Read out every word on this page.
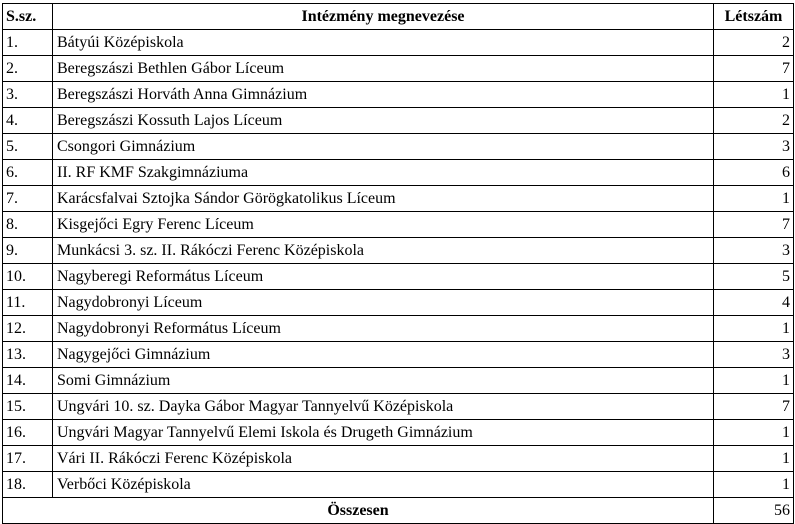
S.sz.	Intézmény megnevezése	Létszám
1.	Bátyúi Középiskola	2
2.	Beregszászi Bethlen Gábor Líceum	7
3.	Beregszászi Horváth Anna Gimnázium	1
4.	Beregszászi Kossuth Lajos Líceum	2
5.	Csongori Gimnázium	3
6.	II. RF KMF Szakgimnáziuma	6
7.	Karácsfalvai Sztojka Sándor Görögkatolikus Líceum	1
8.	Kisgejőci Egry Ferenc Líceum	7
9.	Munkácsi 3. sz. II. Rákóczi Ferenc Középiskola	3
10.	Nagyberegi Református Líceum	5
11.	Nagydobronyi Líceum	4
12.	Nagydobronyi Református Líceum	1
13.	Nagygejőci Gimnázium	3
14.	Somi Gimnázium	1
15.	Ungvári 10. sz. Dayka Gábor Magyar Tannyelvű Középiskola	7
16.	Ungvári Magyar Tannyelvű Elemi Iskola és Drugeth Gimnázium	1
17.	Vári II. Rákóczi Ferenc Középiskola	1
18.	Verbőci Középiskola	1
Összesen		56
